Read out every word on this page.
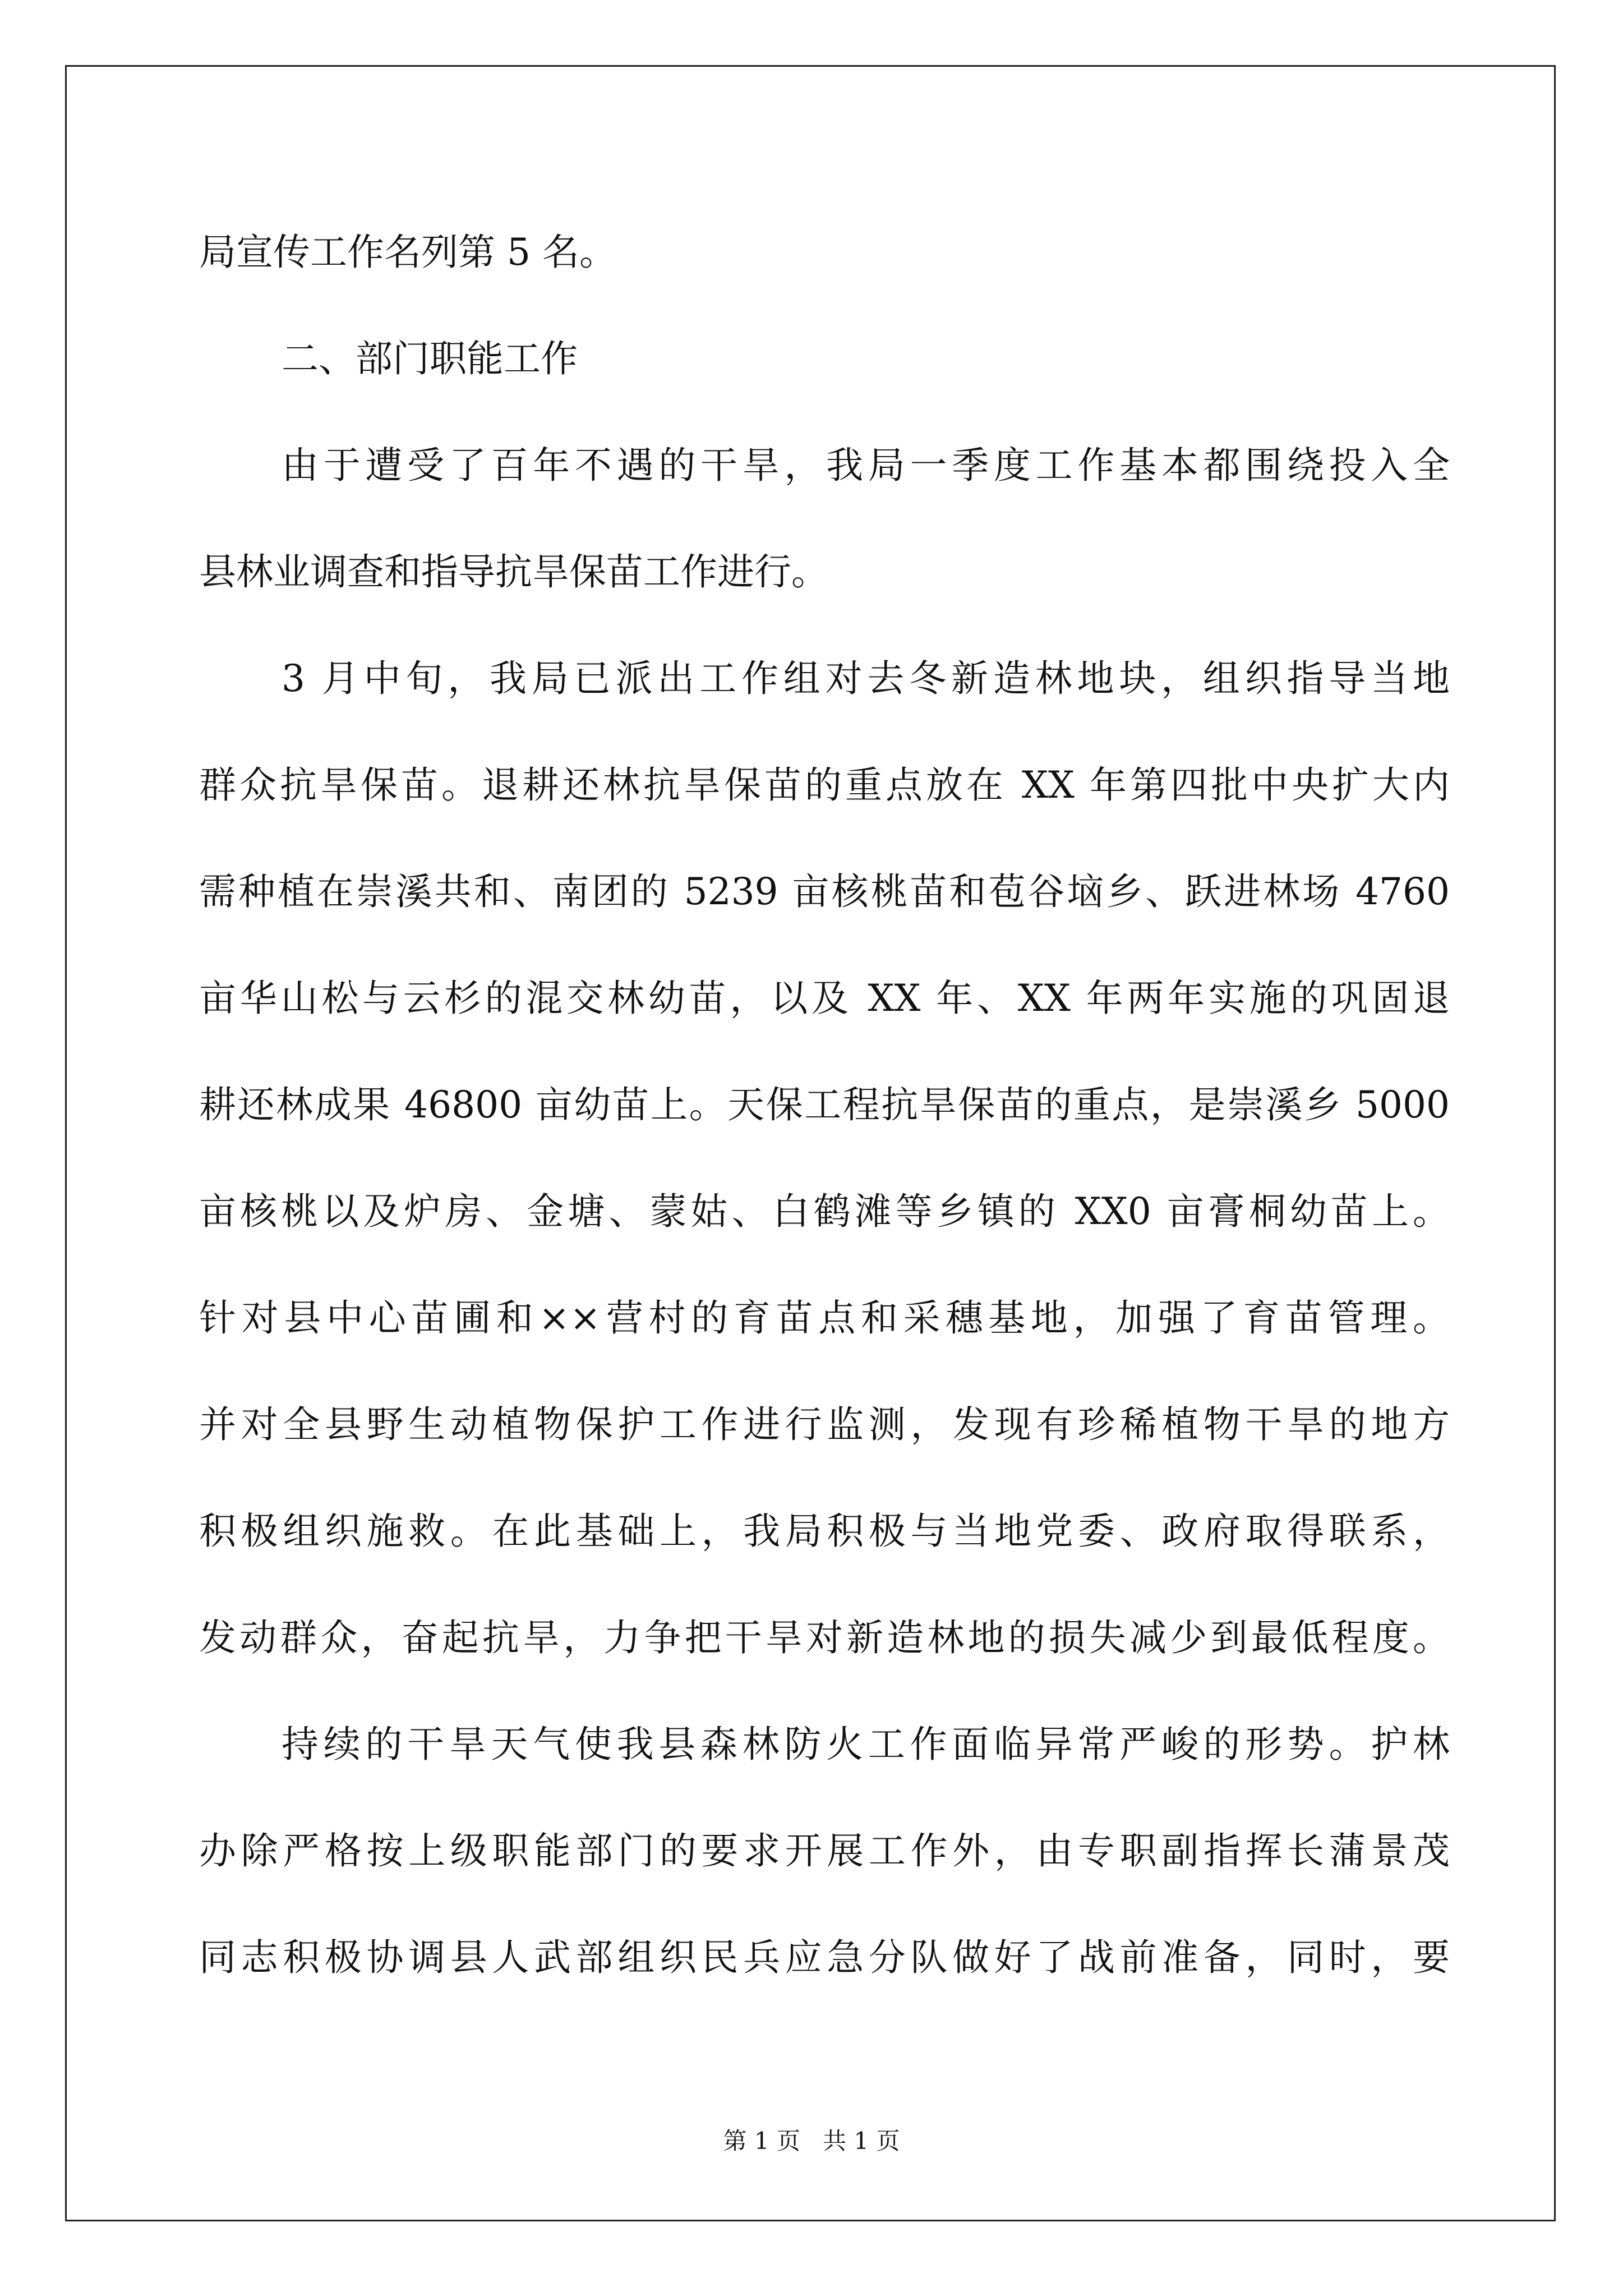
局宣传工作名列第 5 名。
二、部门职能工作
由于遭受了百年不遇的干旱，我局一季度工作基本都围绕投入全
县林业调查和指导抗旱保苗工作进行。
3 月中旬，我局已派出工作组对去冬新造林地块，组织指导当地
群众抗旱保苗。退耕还林抗旱保苗的重点放在 XX 年第四批中央扩大内
需种植在崇溪共和、南团的 5239 亩核桃苗和苞谷垴乡、跃进林场 4760
亩华山松与云杉的混交林幼苗，以及 XX 年、XX 年两年实施的巩固退
耕还林成果 46800 亩幼苗上。天保工程抗旱保苗的重点，是崇溪乡 5000
亩核桃以及炉房、金塘、蒙姑、白鹤滩等乡镇的 XX0 亩膏桐幼苗上。
针对县中心苗圃和××营村的育苗点和采穗基地，加强了育苗管理。
并对全县野生动植物保护工作进行监测，发现有珍稀植物干旱的地方
积极组织施救。在此基础上，我局积极与当地党委、政府取得联系，
发动群众，奋起抗旱，力争把干旱对新造林地的损失减少到最低程度。
持续的干旱天气使我县森林防火工作面临异常严峻的形势。护林
办除严格按上级职能部门的要求开展工作外，由专职副指挥长蒲景茂
同志积极协调县人武部组织民兵应急分队做好了战前准备，同时，要
第 1 页   共 1 页
